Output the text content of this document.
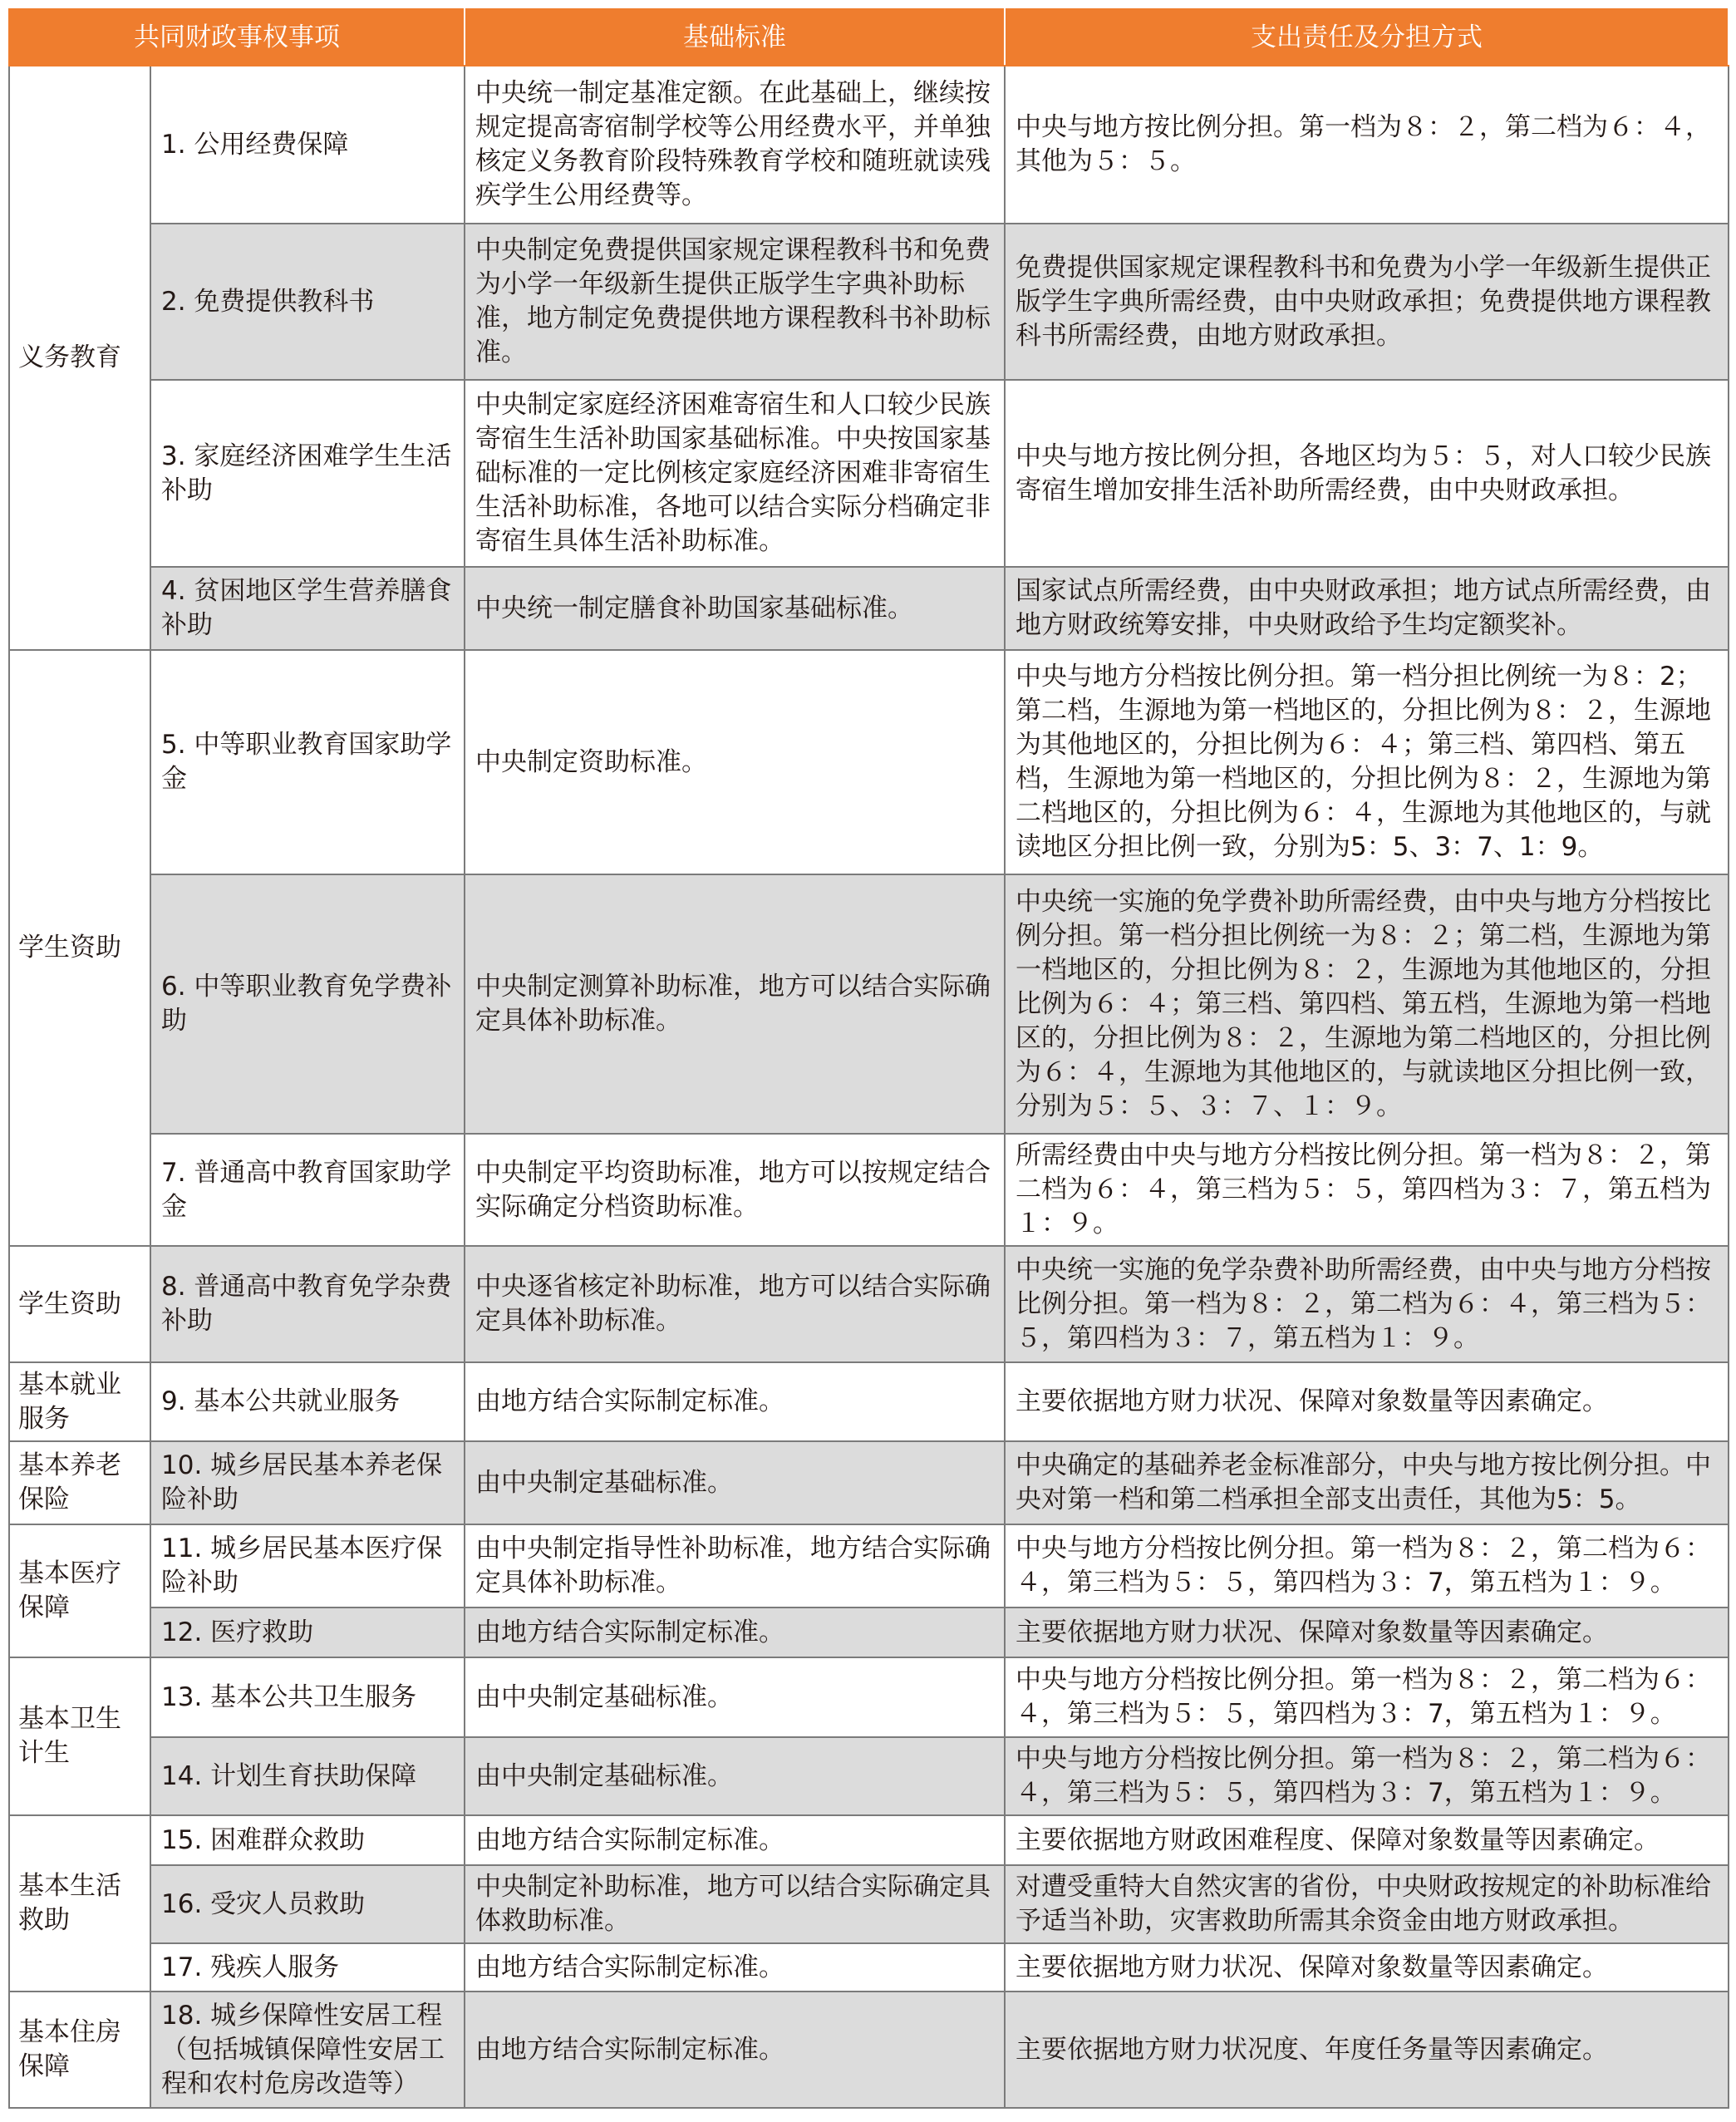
共同财政事权事项		基础标准	支出责任及分担方式
义务教育	1. 公用经费保障	中央统一制定基准定额。在此基础上，继续按规定提高寄宿制学校等公用经费水平，并单独核定义务教育阶段特殊教育学校和随班就读残疾学生公用经费等。	中央与地方按比例分担。第一档为８：２，第二档为６：４，其他为５：５。
	2. 免费提供教科书	中央制定免费提供国家规定课程教科书和免费为小学一年级新生提供正版学生字典补助标准，地方制定免费提供地方课程教科书补助标准。	免费提供国家规定课程教科书和免费为小学一年级新生提供正版学生字典所需经费，由中央财政承担；免费提供地方课程教科书所需经费，由地方财政承担。
	3. 家庭经济困难学生生活补助	中央制定家庭经济困难寄宿生和人口较少民族寄宿生生活补助国家基础标准。中央按国家基础标准的一定比例核定家庭经济困难非寄宿生生活补助标准，各地可以结合实际分档确定非寄宿生具体生活补助标准。	中央与地方按比例分担，各地区均为５：５，对人口较少民族寄宿生增加安排生活补助所需经费，由中央财政承担。
	4. 贫困地区学生营养膳食补助	中央统一制定膳食补助国家基础标准。	国家试点所需经费，由中央财政承担；地方试点所需经费，由地方财政统筹安排，中央财政给予生均定额奖补。
学生资助	5. 中等职业教育国家助学金	中央制定资助标准。	中央与地方分档按比例分担。第一档分担比例统一为８：2；第二档，生源地为第一档地区的，分担比例为８：２，生源地为其他地区的，分担比例为６：４；第三档、第四档、第五档，生源地为第一档地区的，分担比例为８：２，生源地为第二档地区的，分担比例为６：４，生源地为其他地区的，与就读地区分担比例一致，分别为5：5、3：7、1：9。
	6. 中等职业教育免学费补助	中央制定测算补助标准，地方可以结合实际确定具体补助标准。	中央统一实施的免学费补助所需经费，由中央与地方分档按比例分担。第一档分担比例统一为８：２；第二档，生源地为第一档地区的，分担比例为８：２，生源地为其他地区的，分担比例为６：４；第三档、第四档、第五档，生源地为第一档地区的，分担比例为８：２，生源地为第二档地区的，分担比例为６：４，生源地为其他地区的，与就读地区分担比例一致，分别为５：５、３：７、１：９。
	7. 普通高中教育国家助学金	中央制定平均资助标准，地方可以按规定结合实际确定分档资助标准。	所需经费由中央与地方分档按比例分担。第一档为８：２，第二档为６：４，第三档为５：５，第四档为３：７，第五档为１：９。
学生资助	8. 普通高中教育免学杂费补助	中央逐省核定补助标准，地方可以结合实际确定具体补助标准。	中央统一实施的免学杂费补助所需经费，由中央与地方分档按比例分担。第一档为８：２，第二档为６：４，第三档为５：５，第四档为３：７，第五档为１：９。
基本就业服务	9. 基本公共就业服务	由地方结合实际制定标准。	主要依据地方财力状况、保障对象数量等因素确定。
基本养老保险	10. 城乡居民基本养老保险补助	由中央制定基础标准。	中央确定的基础养老金标准部分，中央与地方按比例分担。中央对第一档和第二档承担全部支出责任，其他为5：5。
基本医疗保障	11. 城乡居民基本医疗保险补助	由中央制定指导性补助标准，地方结合实际确定具体补助标准。	中央与地方分档按比例分担。第一档为８：２，第二档为６：４，第三档为５：５，第四档为３：7，第五档为１：９。
	12. 医疗救助	由地方结合实际制定标准。	主要依据地方财力状况、保障对象数量等因素确定。
基本卫生计生	13. 基本公共卫生服务	由中央制定基础标准。	中央与地方分档按比例分担。第一档为８：２，第二档为６：４，第三档为５：５，第四档为３：7，第五档为１：９。
	14. 计划生育扶助保障	由中央制定基础标准。	中央与地方分档按比例分担。第一档为８：２，第二档为６：４，第三档为５：５，第四档为３：7，第五档为１：９。
基本生活救助	15. 困难群众救助	由地方结合实际制定标准。	主要依据地方财政困难程度、保障对象数量等因素确定。
	16. 受灾人员救助	中央制定补助标准，地方可以结合实际确定具体救助标准。	对遭受重特大自然灾害的省份，中央财政按规定的补助标准给予适当补助，灾害救助所需其余资金由地方财政承担。
	17. 残疾人服务	由地方结合实际制定标准。	主要依据地方财力状况、保障对象数量等因素确定。
基本住房保障	18. 城乡保障性安居工程（包括城镇保障性安居工程和农村危房改造等）	由地方结合实际制定标准。	主要依据地方财力状况度、年度任务量等因素确定。
